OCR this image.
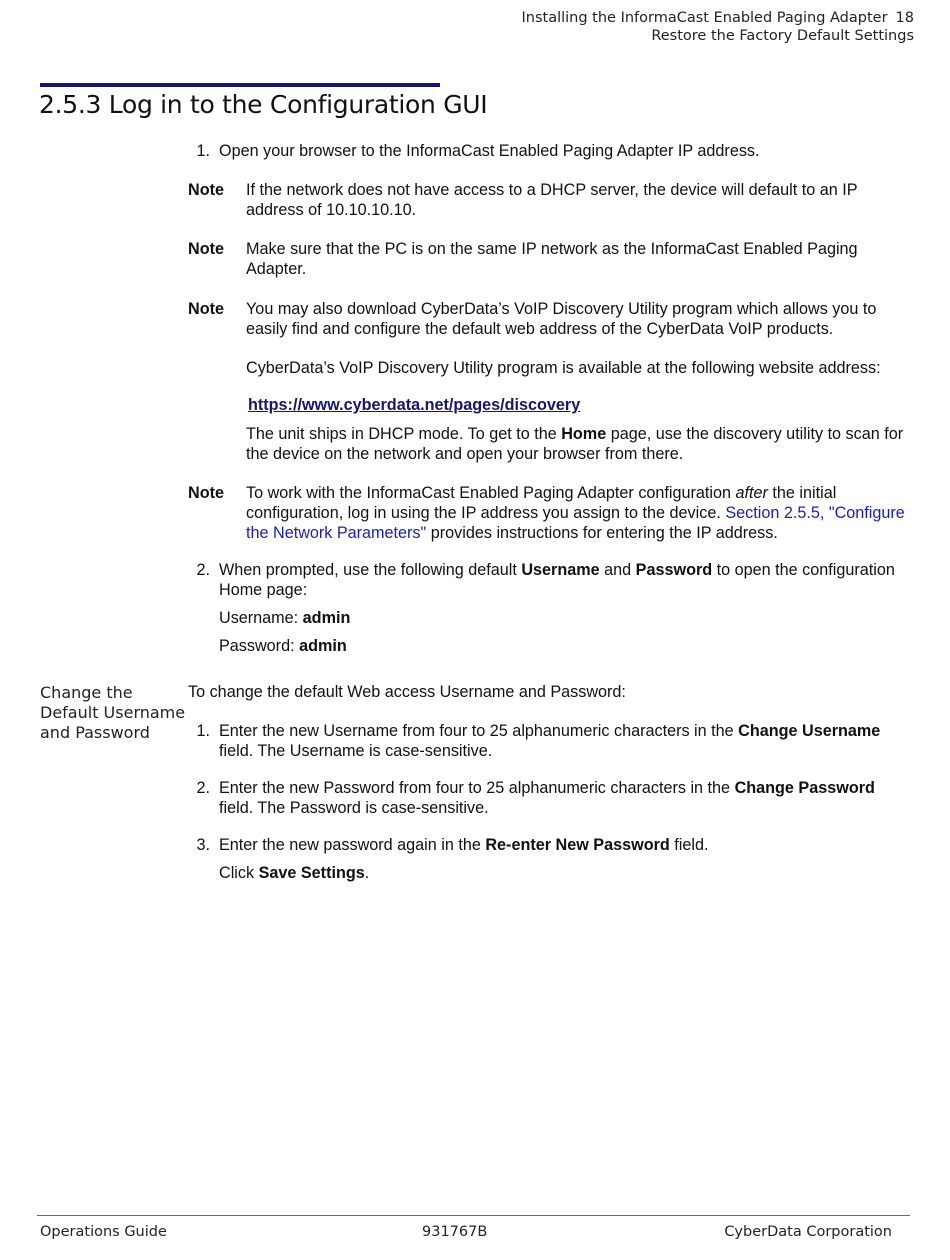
Installing the InformaCast Enabled Paging Adapter 18
Restore the Factory Default Settings
2.5.3 Log in to the Configuration GUI
1. Open your browser to the InformaCast Enabled Paging Adapter IP address.
Note If the network does not have access to a DHCP server, the device will default to an IP address of 10.10.10.10.
Note Make sure that the PC is on the same IP network as the InformaCast Enabled Paging Adapter.
Note You may also download CyberData’s VoIP Discovery Utility program which allows you to easily find and configure the default web address of the CyberData VoIP products.
CyberData’s VoIP Discovery Utility program is available at the following website address:
https://www.cyberdata.net/pages/discovery
The unit ships in DHCP mode. To get to the Home page, use the discovery utility to scan for the device on the network and open your browser from there.
Note To work with the InformaCast Enabled Paging Adapter configuration after the initial configuration, log in using the IP address you assign to the device. Section 2.5.5, "Configure the Network Parameters" provides instructions for entering the IP address.
2. When prompted, use the following default Username and Password to open the configuration Home page:
Username: admin
Password: admin
Change the Default Username and Password
To change the default Web access Username and Password:
1. Enter the new Username from four to 25 alphanumeric characters in the Change Username field. The Username is case-sensitive.
2. Enter the new Password from four to 25 alphanumeric characters in the Change Password field. The Password is case-sensitive.
3. Enter the new password again in the Re-enter New Password field.
Click Save Settings.
Operations Guide	931767B	CyberData Corporation
